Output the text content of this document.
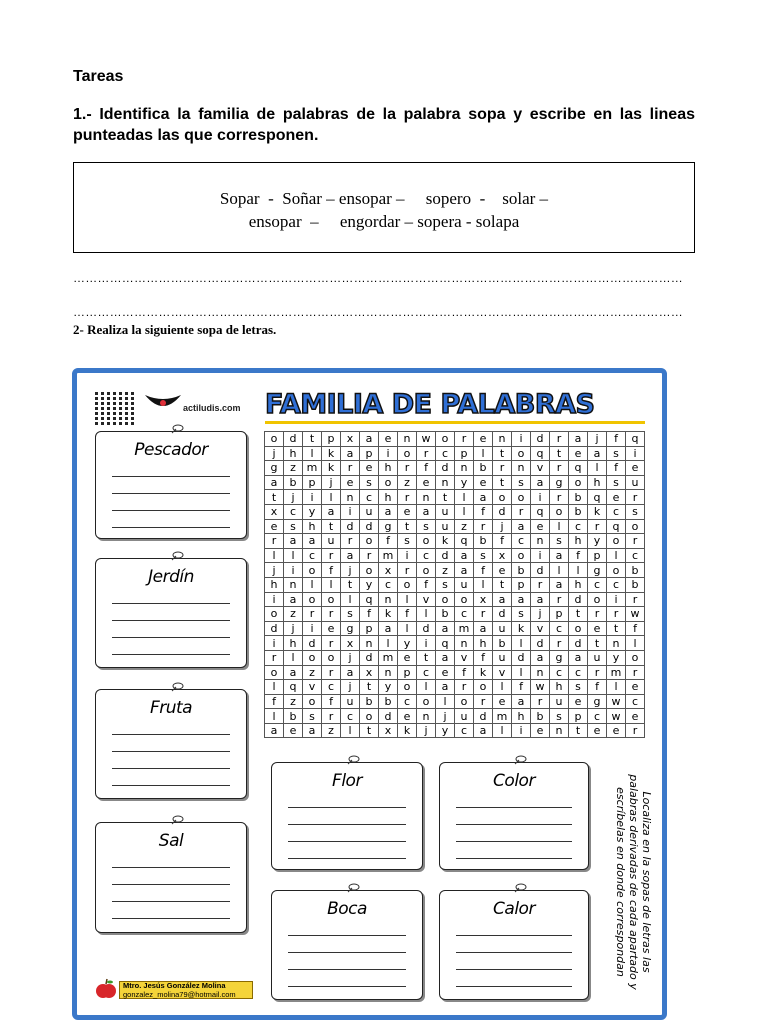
Tareas
1.- Identifica la familia de palabras de la palabra sopa y escribe en las lineas punteadas las que corresponen.
Sopar  -  Soñar – ensopar –     sopero  -    solar –
ensopar  –     engordar – sopera - solapa
……………………………………………………………………………………………………………………………………
……………………………………………………………………………………………………………………………………
2- Realiza la siguiente sopa de letras.
actiludis.com FAMILIA DE PALABRAS
o	d	t	p	x	a	e	n	w	o	r	e	n	i	d	r	a	j	f	q
j	h	l	k	a	p	i	o	r	c	p	l	t	o	q	t	e	a	s	i
g	z	m	k	r	e	h	r	f	d	n	b	r	n	v	r	q	l	f	e
a	b	p	j	e	s	o	z	e	n	y	e	t	s	a	g	o	h	s	u
t	j	i	l	n	c	h	r	n	t	l	a	o	o	i	r	b	q	e	r
x	c	y	a	i	u	a	e	a	u	l	f	d	r	q	o	b	k	c	s
e	s	h	t	d	d	g	t	s	u	z	r	j	a	e	l	c	r	q	o
r	a	a	u	r	o	f	s	o	k	q	b	f	c	n	s	h	y	o	r
l	l	c	r	a	r	m	i	c	d	a	s	x	o	i	a	f	p	l	c
j	i	o	f	j	o	x	r	o	z	a	f	e	b	d	l	l	g	o	b
h	n	l	l	t	y	c	o	f	s	u	l	t	p	r	a	h	c	c	b
i	a	o	o	l	q	n	l	v	o	o	x	a	a	a	r	d	o	i	r
o	z	r	r	s	f	k	f	l	b	c	r	d	s	j	p	t	r	r	w
d	j	i	e	g	p	a	l	d	a	m	a	u	k	v	c	o	e	t	f
i	h	d	r	x	n	l	y	i	q	n	h	b	l	d	r	d	t	n	l
r	l	o	o	j	d	m	e	t	a	v	f	u	d	a	g	a	u	y	o
o	a	z	r	a	x	n	p	c	e	f	k	v	l	n	c	c	r	m	r
l	q	v	c	j	t	y	o	l	a	r	o	l	f	w	h	s	f	l	e
f	z	o	f	u	b	b	c	o	l	o	r	e	a	r	u	e	g	w	c
l	b	s	r	c	o	d	e	n	j	u	d	m	h	b	s	p	c	w	e
a	e	a	z	l	t	x	k	j	y	c	a	l	i	e	n	t	e	e	r
Pescador
Jerdín
Fruta
Sal
Flor	Color
Boca	Calor	Localiza en la sopas de letras las palabras derivadas de cada apartado y escríbelas en donde correspondan
Mtro. Jesús González Molina
gonzalez_molina79@hotmail.com
